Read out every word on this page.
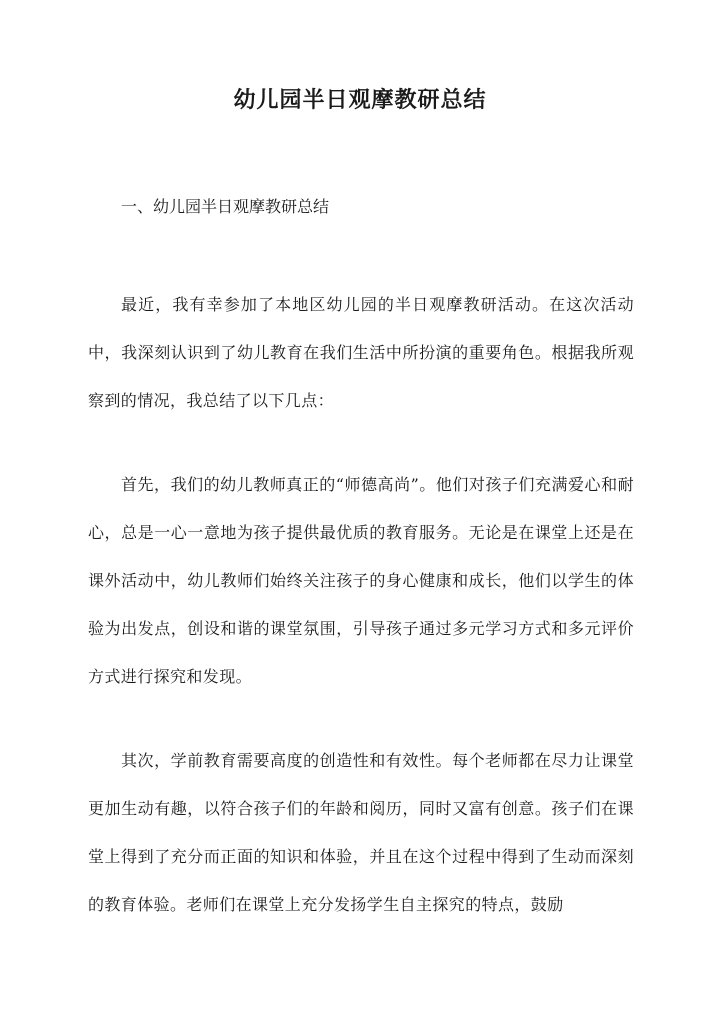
幼儿园半日观摩教研总结
一、幼儿园半日观摩教研总结

最近，我有幸参加了本地区幼儿园的半日观摩教研活动。在这次活动中，我深刻认识到了幼儿教育在我们生活中所扮演的重要角色。根据我所观察到的情况，我总结了以下几点：

首先，我们的幼儿教师真正的“师德高尚”。他们对孩子们充满爱心和耐心，总是一心一意地为孩子提供最优质的教育服务。无论是在课堂上还是在课外活动中，幼儿教师们始终关注孩子的身心健康和成长，他们以学生的体验为出发点，创设和谐的课堂氛围，引导孩子通过多元学习方式和多元评价方式进行探究和发现。

其次，学前教育需要高度的创造性和有效性。每个老师都在尽力让课堂更加生动有趣，以符合孩子们的年龄和阅历，同时又富有创意。孩子们在课堂上得到了充分而正面的知识和体验，并且在这个过程中得到了生动而深刻的教育体验。老师们在课堂上充分发扬学生自主探究的特点，鼓励
